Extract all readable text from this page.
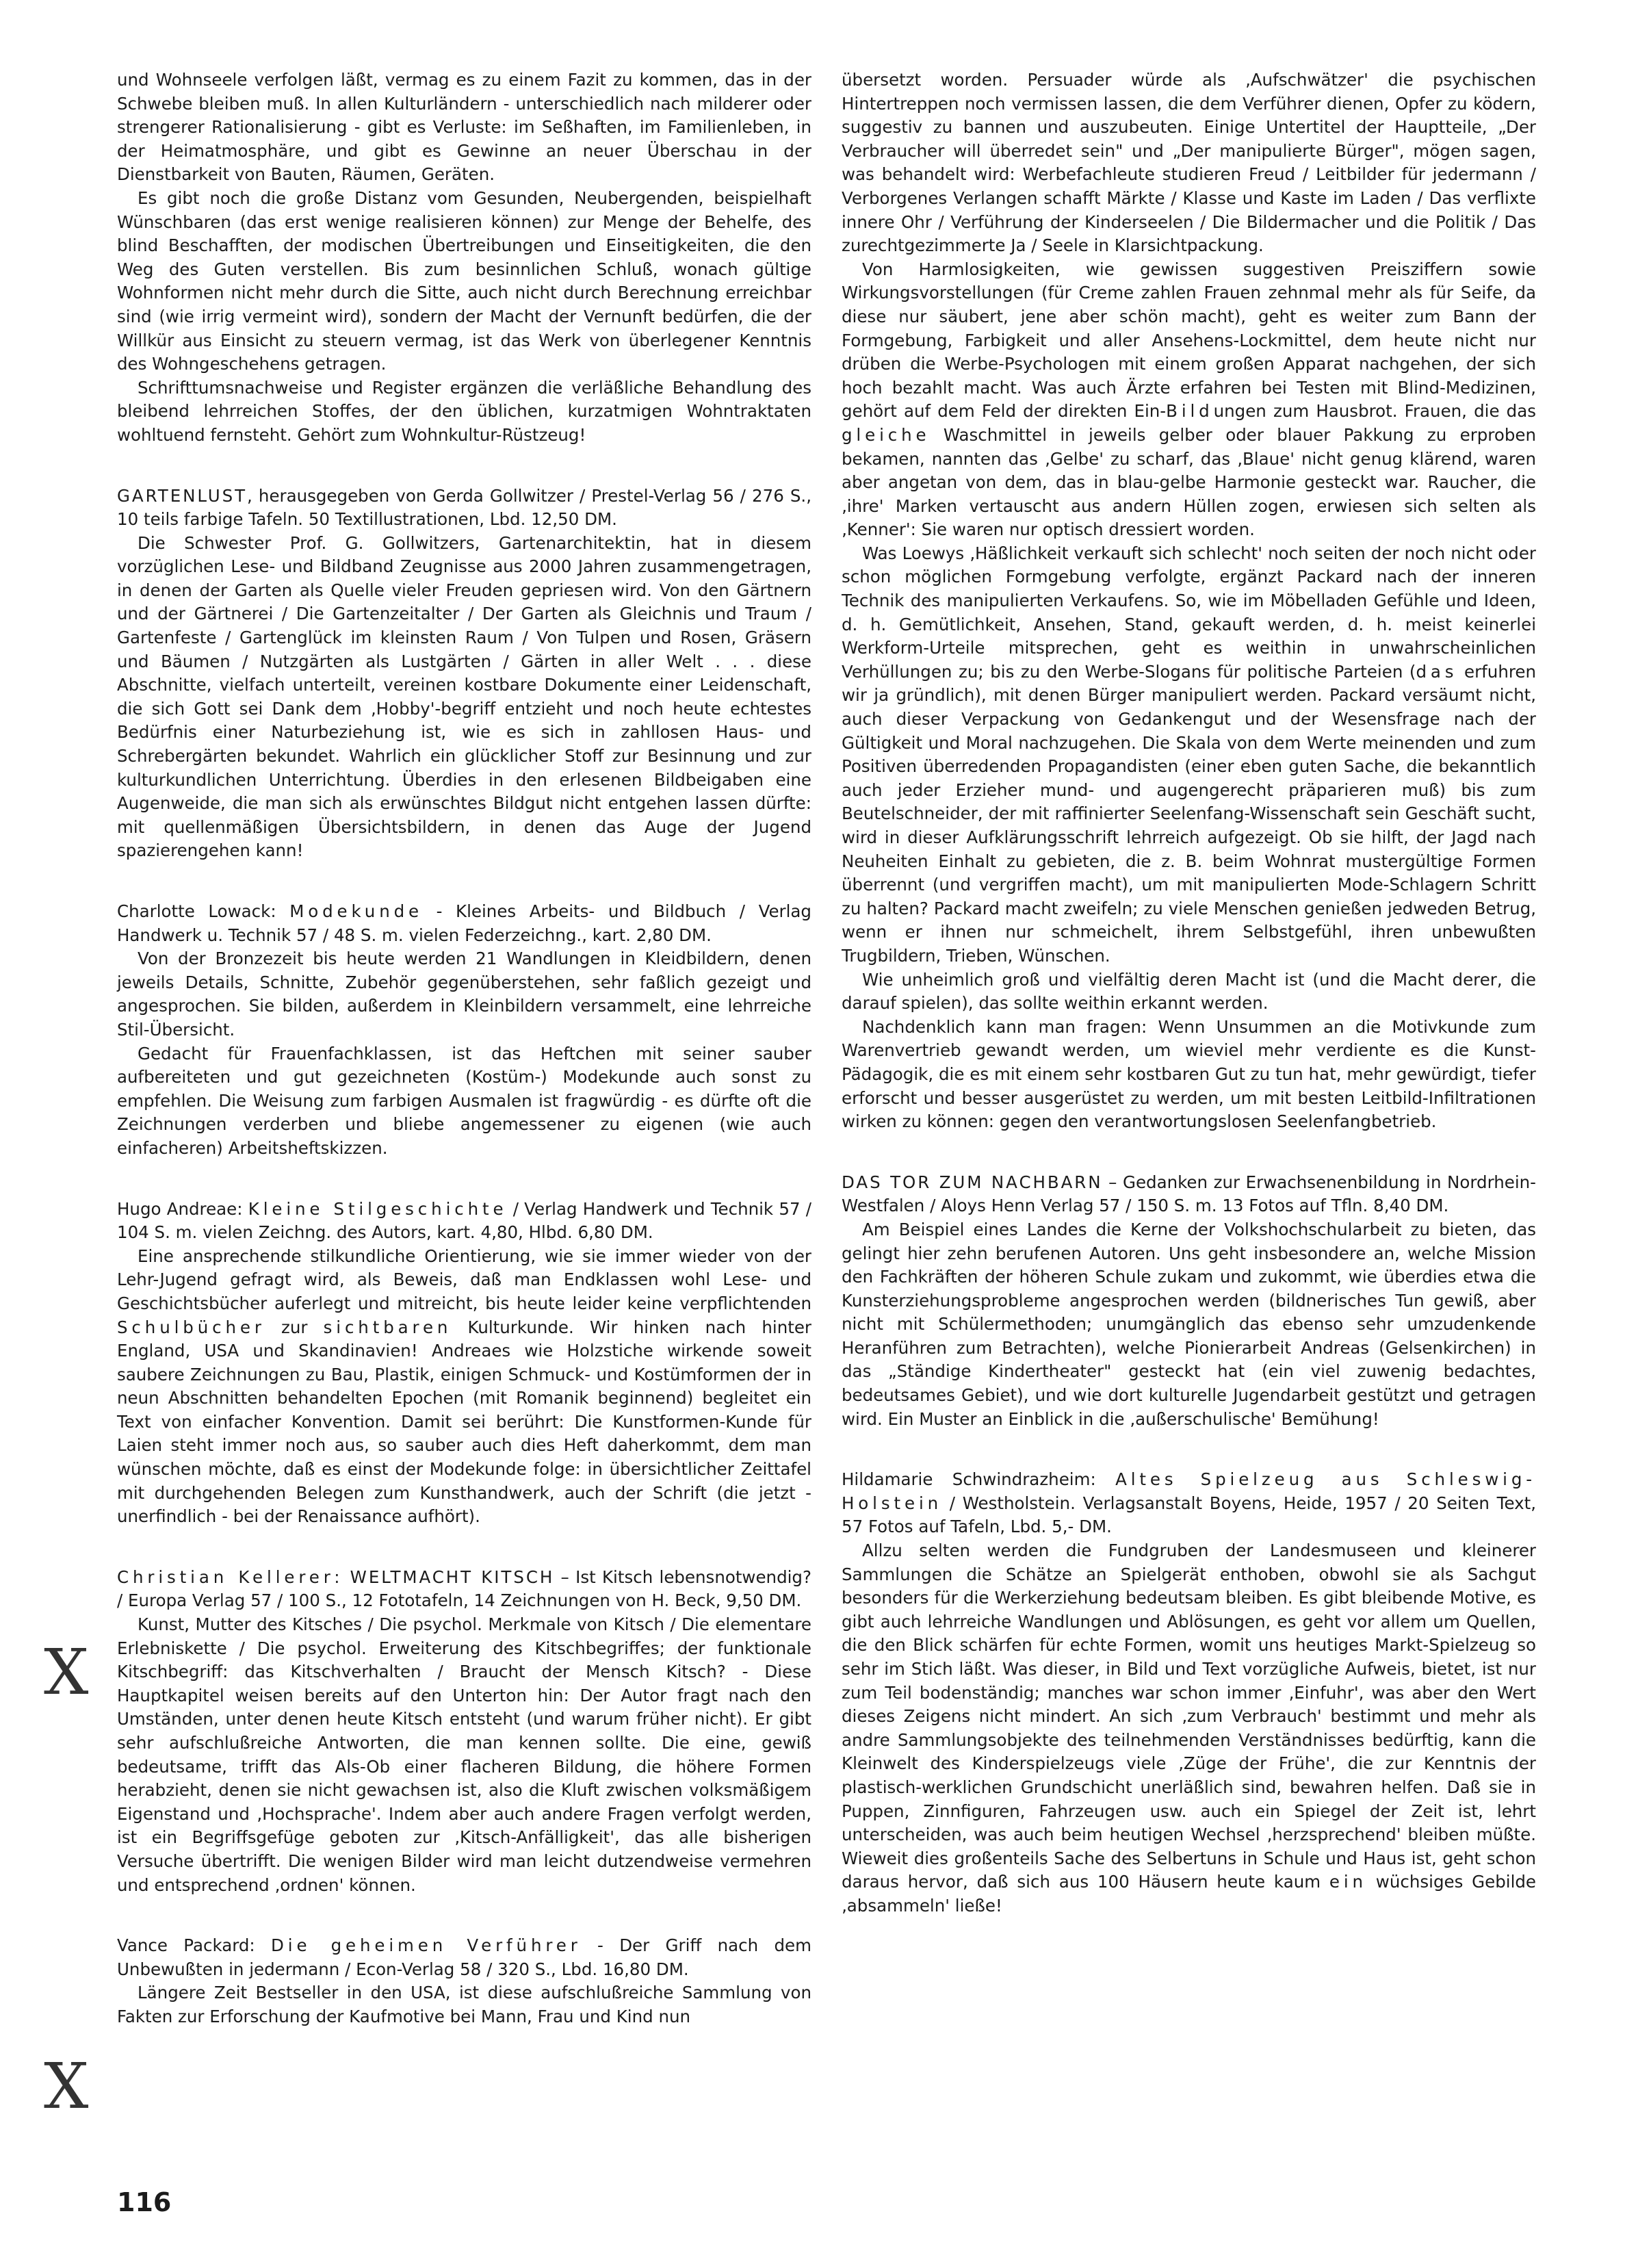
und Wohnseele verfolgen läßt, vermag es zu einem Fazit zu kommen, das in der Schwebe bleiben muß. In allen Kulturländern - unterschiedlich nach milderer oder strengerer Rationalisierung - gibt es Verluste: im Seßhaften, im Familienleben, in der Heimatmosphäre, und gibt es Gewinne an neuer Überschau in der Dienstbarkeit von Bauten, Räumen, Geräten.

Es gibt noch die große Distanz vom Gesunden, Neubergenden, beispielhaft Wünschbaren (das erst wenige realisieren können) zur Menge der Behelfe, des blind Beschafften, der modischen Übertreibungen und Einseitigkeiten, die den Weg des Guten verstellen. Bis zum besinnlichen Schluß, wonach gültige Wohnformen nicht mehr durch die Sitte, auch nicht durch Berechnung erreichbar sind (wie irrig vermeint wird), sondern der Macht der Vernunft bedürfen, die der Willkür aus Einsicht zu steuern vermag, ist das Werk von überlegener Kenntnis des Wohngeschehens getragen.

Schrifttumsnachweise und Register ergänzen die verläßliche Behandlung des bleibend lehrreichen Stoffes, der den üblichen, kurzatmigen Wohntraktaten wohltuend fernsteht. Gehört zum Wohnkultur-Rüstzeug!

GARTENLUST, herausgegeben von Gerda Gollwitzer / Prestel-Verlag 56 / 276 S., 10 teils farbige Tafeln. 50 Textillustrationen, Lbd. 12,50 DM.

Die Schwester Prof. G. Gollwitzers, Gartenarchitektin, hat in diesem vorzüglichen Lese- und Bildband Zeugnisse aus 2000 Jahren zusammengetragen, in denen der Garten als Quelle vieler Freuden gepriesen wird. Von den Gärtnern und der Gärtnerei / Die Gartenzeitalter / Der Garten als Gleichnis und Traum / Gartenfeste / Gartenglück im kleinsten Raum / Von Tulpen und Rosen, Gräsern und Bäumen / Nutzgärten als Lustgärten / Gärten in aller Welt . . . diese Abschnitte, vielfach unterteilt, vereinen kostbare Dokumente einer Leidenschaft, die sich Gott sei Dank dem ‚Hobby'-begriff entzieht und noch heute echtestes Bedürfnis einer Naturbeziehung ist, wie es sich in zahllosen Haus- und Schrebergärten bekundet. Wahrlich ein glücklicher Stoff zur Besinnung und zur kulturkundlichen Unterrichtung. Überdies in den erlesenen Bildbeigaben eine Augenweide, die man sich als erwünschtes Bildgut nicht entgehen lassen dürfte: mit quellenmäßigen Übersichtsbildern, in denen das Auge der Jugend spazierengehen kann!

Charlotte Lowack: Modekunde - Kleines Arbeits- und Bildbuch / Verlag Handwerk u. Technik 57 / 48 S. m. vielen Federzeichng., kart. 2,80 DM.

Von der Bronzezeit bis heute werden 21 Wandlungen in Kleidbildern, denen jeweils Details, Schnitte, Zubehör gegenüberstehen, sehr faßlich gezeigt und angesprochen. Sie bilden, außerdem in Kleinbildern versammelt, eine lehrreiche Stil-Übersicht.

Gedacht für Frauenfachklassen, ist das Heftchen mit seiner sauber aufbereiteten und gut gezeichneten (Kostüm-) Modekunde auch sonst zu empfehlen. Die Weisung zum farbigen Ausmalen ist fragwürdig - es dürfte oft die Zeichnungen verderben und bliebe angemessener zu eigenen (wie auch einfacheren) Arbeitsheftskizzen.

Hugo Andreae: Kleine Stilgeschichte / Verlag Handwerk und Technik 57 / 104 S. m. vielen Zeichng. des Autors, kart. 4,80, Hlbd. 6,80 DM.

Eine ansprechende stilkundliche Orientierung, wie sie immer wieder von der Lehr-Jugend gefragt wird, als Beweis, daß man Endklassen wohl Lese- und Geschichtsbücher auferlegt und mitreicht, bis heute leider keine verpflichtenden Schulbücher zur sichtbaren Kulturkunde. Wir hinken nach hinter England, USA und Skandinavien! Andreaes wie Holzstiche wirkende soweit saubere Zeichnungen zu Bau, Plastik, einigen Schmuck- und Kostümformen der in neun Abschnitten behandelten Epochen (mit Romanik beginnend) begleitet ein Text von einfacher Konvention. Damit sei berührt: Die Kunstformen-Kunde für Laien steht immer noch aus, so sauber auch dies Heft daherkommt, dem man wünschen möchte, daß es einst der Modekunde folge: in übersichtlicher Zeittafel mit durchgehenden Belegen zum Kunsthandwerk, auch der Schrift (die jetzt - unerfindlich - bei der Renaissance aufhört).

Christian Kellerer: WELTMACHT KITSCH – Ist Kitsch lebensnotwendig? / Europa Verlag 57 / 100 S., 12 Fototafeln, 14 Zeichnungen von H. Beck, 9,50 DM.

Kunst, Mutter des Kitsches / Die psychol. Merkmale von Kitsch / Die elementare Erlebniskette / Die psychol. Erweiterung des Kitschbegriffes; der funktionale Kitschbegriff: das Kitschverhalten / Braucht der Mensch Kitsch? - Diese Hauptkapitel weisen bereits auf den Unterton hin: Der Autor fragt nach den Umständen, unter denen heute Kitsch entsteht (und warum früher nicht). Er gibt sehr aufschlußreiche Antworten, die man kennen sollte. Die eine, gewiß bedeutsame, trifft das Als-Ob einer flacheren Bildung, die höhere Formen herabzieht, denen sie nicht gewachsen ist, also die Kluft zwischen volksmäßigem Eigenstand und ‚Hochsprache'. Indem aber auch andere Fragen verfolgt werden, ist ein Begriffsgefüge geboten zur ‚Kitsch-Anfälligkeit', das alle bisherigen Versuche übertrifft. Die wenigen Bilder wird man leicht dutzendweise vermehren und entsprechend ‚ordnen' können.

Vance Packard: Die geheimen Verführer - Der Griff nach dem Unbewußten in jedermann / Econ-Verlag 58 / 320 S., Lbd. 16,80 DM.

Längere Zeit Bestseller in den USA, ist diese aufschlußreiche Sammlung von Fakten zur Erforschung der Kaufmotive bei Mann, Frau und Kind nun

übersetzt worden. Persuader würde als ‚Aufschwätzer' die psychischen Hintertreppen noch vermissen lassen, die dem Verführer dienen, Opfer zu ködern, suggestiv zu bannen und auszubeuten. Einige Untertitel der Hauptteile, „Der Verbraucher will überredet sein" und „Der manipulierte Bürger", mögen sagen, was behandelt wird: Werbefachleute studieren Freud / Leitbilder für jedermann / Verborgenes Verlangen schafft Märkte / Klasse und Kaste im Laden / Das verflixte innere Ohr / Verführung der Kinderseelen / Die Bildermacher und die Politik / Das zurechtgezimmerte Ja / Seele in Klarsichtpackung.

Von Harmlosigkeiten, wie gewissen suggestiven Preisziffern sowie Wirkungsvorstellungen (für Creme zahlen Frauen zehnmal mehr als für Seife, da diese nur säubert, jene aber schön macht), geht es weiter zum Bann der Formgebung, Farbigkeit und aller Ansehens-Lockmittel, dem heute nicht nur drüben die Werbe-Psychologen mit einem großen Apparat nachgehen, der sich hoch bezahlt macht. Was auch Ärzte erfahren bei Testen mit Blind-Medizinen, gehört auf dem Feld der direkten Ein-Bildungen zum Hausbrot. Frauen, die das gleiche Waschmittel in jeweils gelber oder blauer Pakkung zu erproben bekamen, nannten das ‚Gelbe' zu scharf, das ‚Blaue' nicht genug klärend, waren aber angetan von dem, das in blau-gelbe Harmonie gesteckt war. Raucher, die ‚ihre' Marken vertauscht aus andern Hüllen zogen, erwiesen sich selten als ‚Kenner': Sie waren nur optisch dressiert worden.

Was Loewys ‚Häßlichkeit verkauft sich schlecht' noch seiten der noch nicht oder schon möglichen Formgebung verfolgte, ergänzt Packard nach der inneren Technik des manipulierten Verkaufens. So, wie im Möbelladen Gefühle und Ideen, d. h. Gemütlichkeit, Ansehen, Stand, gekauft werden, d. h. meist keinerlei Werkform-Urteile mitsprechen, geht es weithin in unwahrscheinlichen Verhüllungen zu; bis zu den Werbe-Slogans für politische Parteien (das erfuhren wir ja gründlich), mit denen Bürger manipuliert werden. Packard versäumt nicht, auch dieser Verpackung von Gedankengut und der Wesensfrage nach der Gültigkeit und Moral nachzugehen. Die Skala von dem Werte meinenden und zum Positiven überredenden Propagandisten (einer eben guten Sache, die bekanntlich auch jeder Erzieher mund- und augengerecht präparieren muß) bis zum Beutelschneider, der mit raffinierter Seelenfang-Wissenschaft sein Geschäft sucht, wird in dieser Aufklärungsschrift lehrreich aufgezeigt. Ob sie hilft, der Jagd nach Neuheiten Einhalt zu gebieten, die z. B. beim Wohnrat mustergültige Formen überrennt (und vergriffen macht), um mit manipulierten Mode-Schlagern Schritt zu halten? Packard macht zweifeln; zu viele Menschen genießen jedweden Betrug, wenn er ihnen nur schmeichelt, ihrem Selbstgefühl, ihren unbewußten Trugbildern, Trieben, Wünschen.

Wie unheimlich groß und vielfältig deren Macht ist (und die Macht derer, die darauf spielen), das sollte weithin erkannt werden.

Nachdenklich kann man fragen: Wenn Unsummen an die Motivkunde zum Warenvertrieb gewandt werden, um wieviel mehr verdiente es die Kunst-Pädagogik, die es mit einem sehr kostbaren Gut zu tun hat, mehr gewürdigt, tiefer erforscht und besser ausgerüstet zu werden, um mit besten Leitbild-Infiltrationen wirken zu können: gegen den verantwortungslosen Seelenfangbetrieb.

DAS TOR ZUM NACHBARN – Gedanken zur Erwachsenenbildung in Nordrhein-Westfalen / Aloys Henn Verlag 57 / 150 S. m. 13 Fotos auf Tfln. 8,40 DM.

Am Beispiel eines Landes die Kerne der Volkshochschularbeit zu bieten, das gelingt hier zehn berufenen Autoren. Uns geht insbesondere an, welche Mission den Fachkräften der höheren Schule zukam und zukommt, wie überdies etwa die Kunsterziehungsprobleme angesprochen werden (bildnerisches Tun gewiß, aber nicht mit Schülermethoden; unumgänglich das ebenso sehr umzudenkende Heranführen zum Betrachten), welche Pionierarbeit Andreas (Gelsenkirchen) in das „Ständige Kindertheater" gesteckt hat (ein viel zuwenig bedachtes, bedeutsames Gebiet), und wie dort kulturelle Jugendarbeit gestützt und getragen wird. Ein Muster an Einblick in die ‚außerschulische' Bemühung!

Hildamarie Schwindrazheim: Altes Spielzeug aus Schleswig-Holstein / Westholstein. Verlagsanstalt Boyens, Heide, 1957 / 20 Seiten Text, 57 Fotos auf Tafeln, Lbd. 5,- DM.

Allzu selten werden die Fundgruben der Landesmuseen und kleinerer Sammlungen die Schätze an Spielgerät enthoben, obwohl sie als Sachgut besonders für die Werkerziehung bedeutsam bleiben. Es gibt bleibende Motive, es gibt auch lehrreiche Wandlungen und Ablösungen, es geht vor allem um Quellen, die den Blick schärfen für echte Formen, womit uns heutiges Markt-Spielzeug so sehr im Stich läßt. Was dieser, in Bild und Text vorzügliche Aufweis, bietet, ist nur zum Teil bodenständig; manches war schon immer ‚Einfuhr', was aber den Wert dieses Zeigens nicht mindert. An sich ‚zum Verbrauch' bestimmt und mehr als andre Sammlungsobjekte des teilnehmenden Verständnisses bedürftig, kann die Kleinwelt des Kinderspielzeugs viele ‚Züge der Frühe', die zur Kenntnis der plastisch-werklichen Grundschicht unerläßlich sind, bewahren helfen. Daß sie in Puppen, Zinnfiguren, Fahrzeugen usw. auch ein Spiegel der Zeit ist, lehrt unterscheiden, was auch beim heutigen Wechsel ‚herzsprechend' bleiben müßte. Wieweit dies großenteils Sache des Selbertuns in Schule und Haus ist, geht schon daraus hervor, daß sich aus 100 Häusern heute kaum ein wüchsiges Gebilde ‚absammeln' ließe!

X
X
116
